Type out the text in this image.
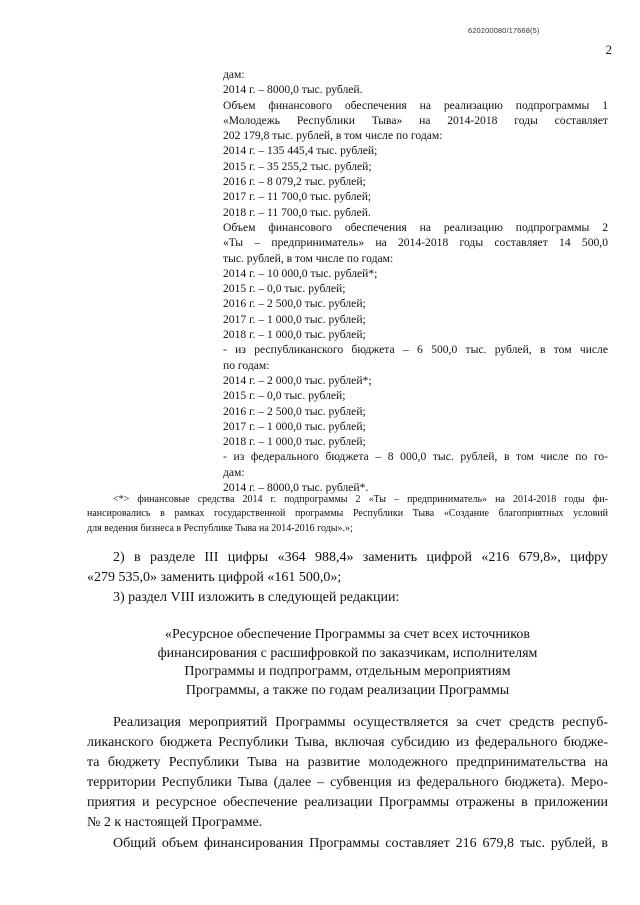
620200080/17668(5)
2
дам:
2014 г. – 8000,0 тыс. рублей.
Объем финансового обеспечения на реализацию подпрограммы 1
«Молодежь Республики Тыва» на 2014-2018 годы составляет
202 179,8 тыс. рублей, в том числе по годам:
2014 г. – 135 445,4 тыс. рублей;
2015 г. – 35 255,2 тыс. рублей;
2016 г. – 8 079,2 тыс. рублей;
2017 г. – 11 700,0 тыс. рублей;
2018 г. – 11 700,0 тыс. рублей.
Объем финансового обеспечения на реализацию подпрограммы 2
«Ты – предприниматель» на 2014-2018 годы составляет 14 500,0
тыс. рублей, в том числе по годам:
2014 г. – 10 000,0 тыс. рублей*;
2015 г. – 0,0 тыс. рублей;
2016 г. – 2 500,0 тыс. рублей;
2017 г. – 1 000,0 тыс. рублей;
2018 г. – 1 000,0 тыс. рублей;
- из республиканского бюджета – 6 500,0 тыс. рублей, в том числе
по годам:
2014 г. – 2 000,0 тыс. рублей*;
2015 г. – 0,0 тыс. рублей;
2016 г. – 2 500,0 тыс. рублей;
2017 г. – 1 000,0 тыс. рублей;
2018 г. – 1 000,0 тыс. рублей;
- из федерального бюджета – 8 000,0 тыс. рублей, в том числе по го-
дам:
2014 г. – 8000,0 тыс. рублей*.
<*> финансовые средства 2014 г. подпрограммы 2 «Ты – предприниматель» на 2014-2018 годы фи-
нансировались в рамках государственной программы Республики Тыва «Создание благоприятных условий
для ведения бизнеса в Республике Тыва на 2014-2016 годы».»;
2) в разделе III цифры «364 988,4» заменить цифрой «216 679,8», цифру
«279 535,0» заменить цифрой «161 500,0»;
3) раздел VIII изложить в следующей редакции:
«Ресурсное обеспечение Программы за счет всех источников
финансирования с расшифровкой по заказчикам, исполнителям
Программы и подпрограмм, отдельным мероприятиям
Программы, а также по годам реализации Программы
Реализация мероприятий Программы осуществляется за счет средств респуб-
ликанского бюджета Республики Тыва, включая субсидию из федерального бюдже-
та бюджету Республики Тыва на развитие молодежного предпринимательства на
территории Республики Тыва (далее – субвенция из федерального бюджета). Меро-
приятия и ресурсное обеспечение реализации Программы отражены в приложении
№ 2 к настоящей Программе.
Общий объем финансирования Программы составляет 216 679,8 тыс. рублей, в
